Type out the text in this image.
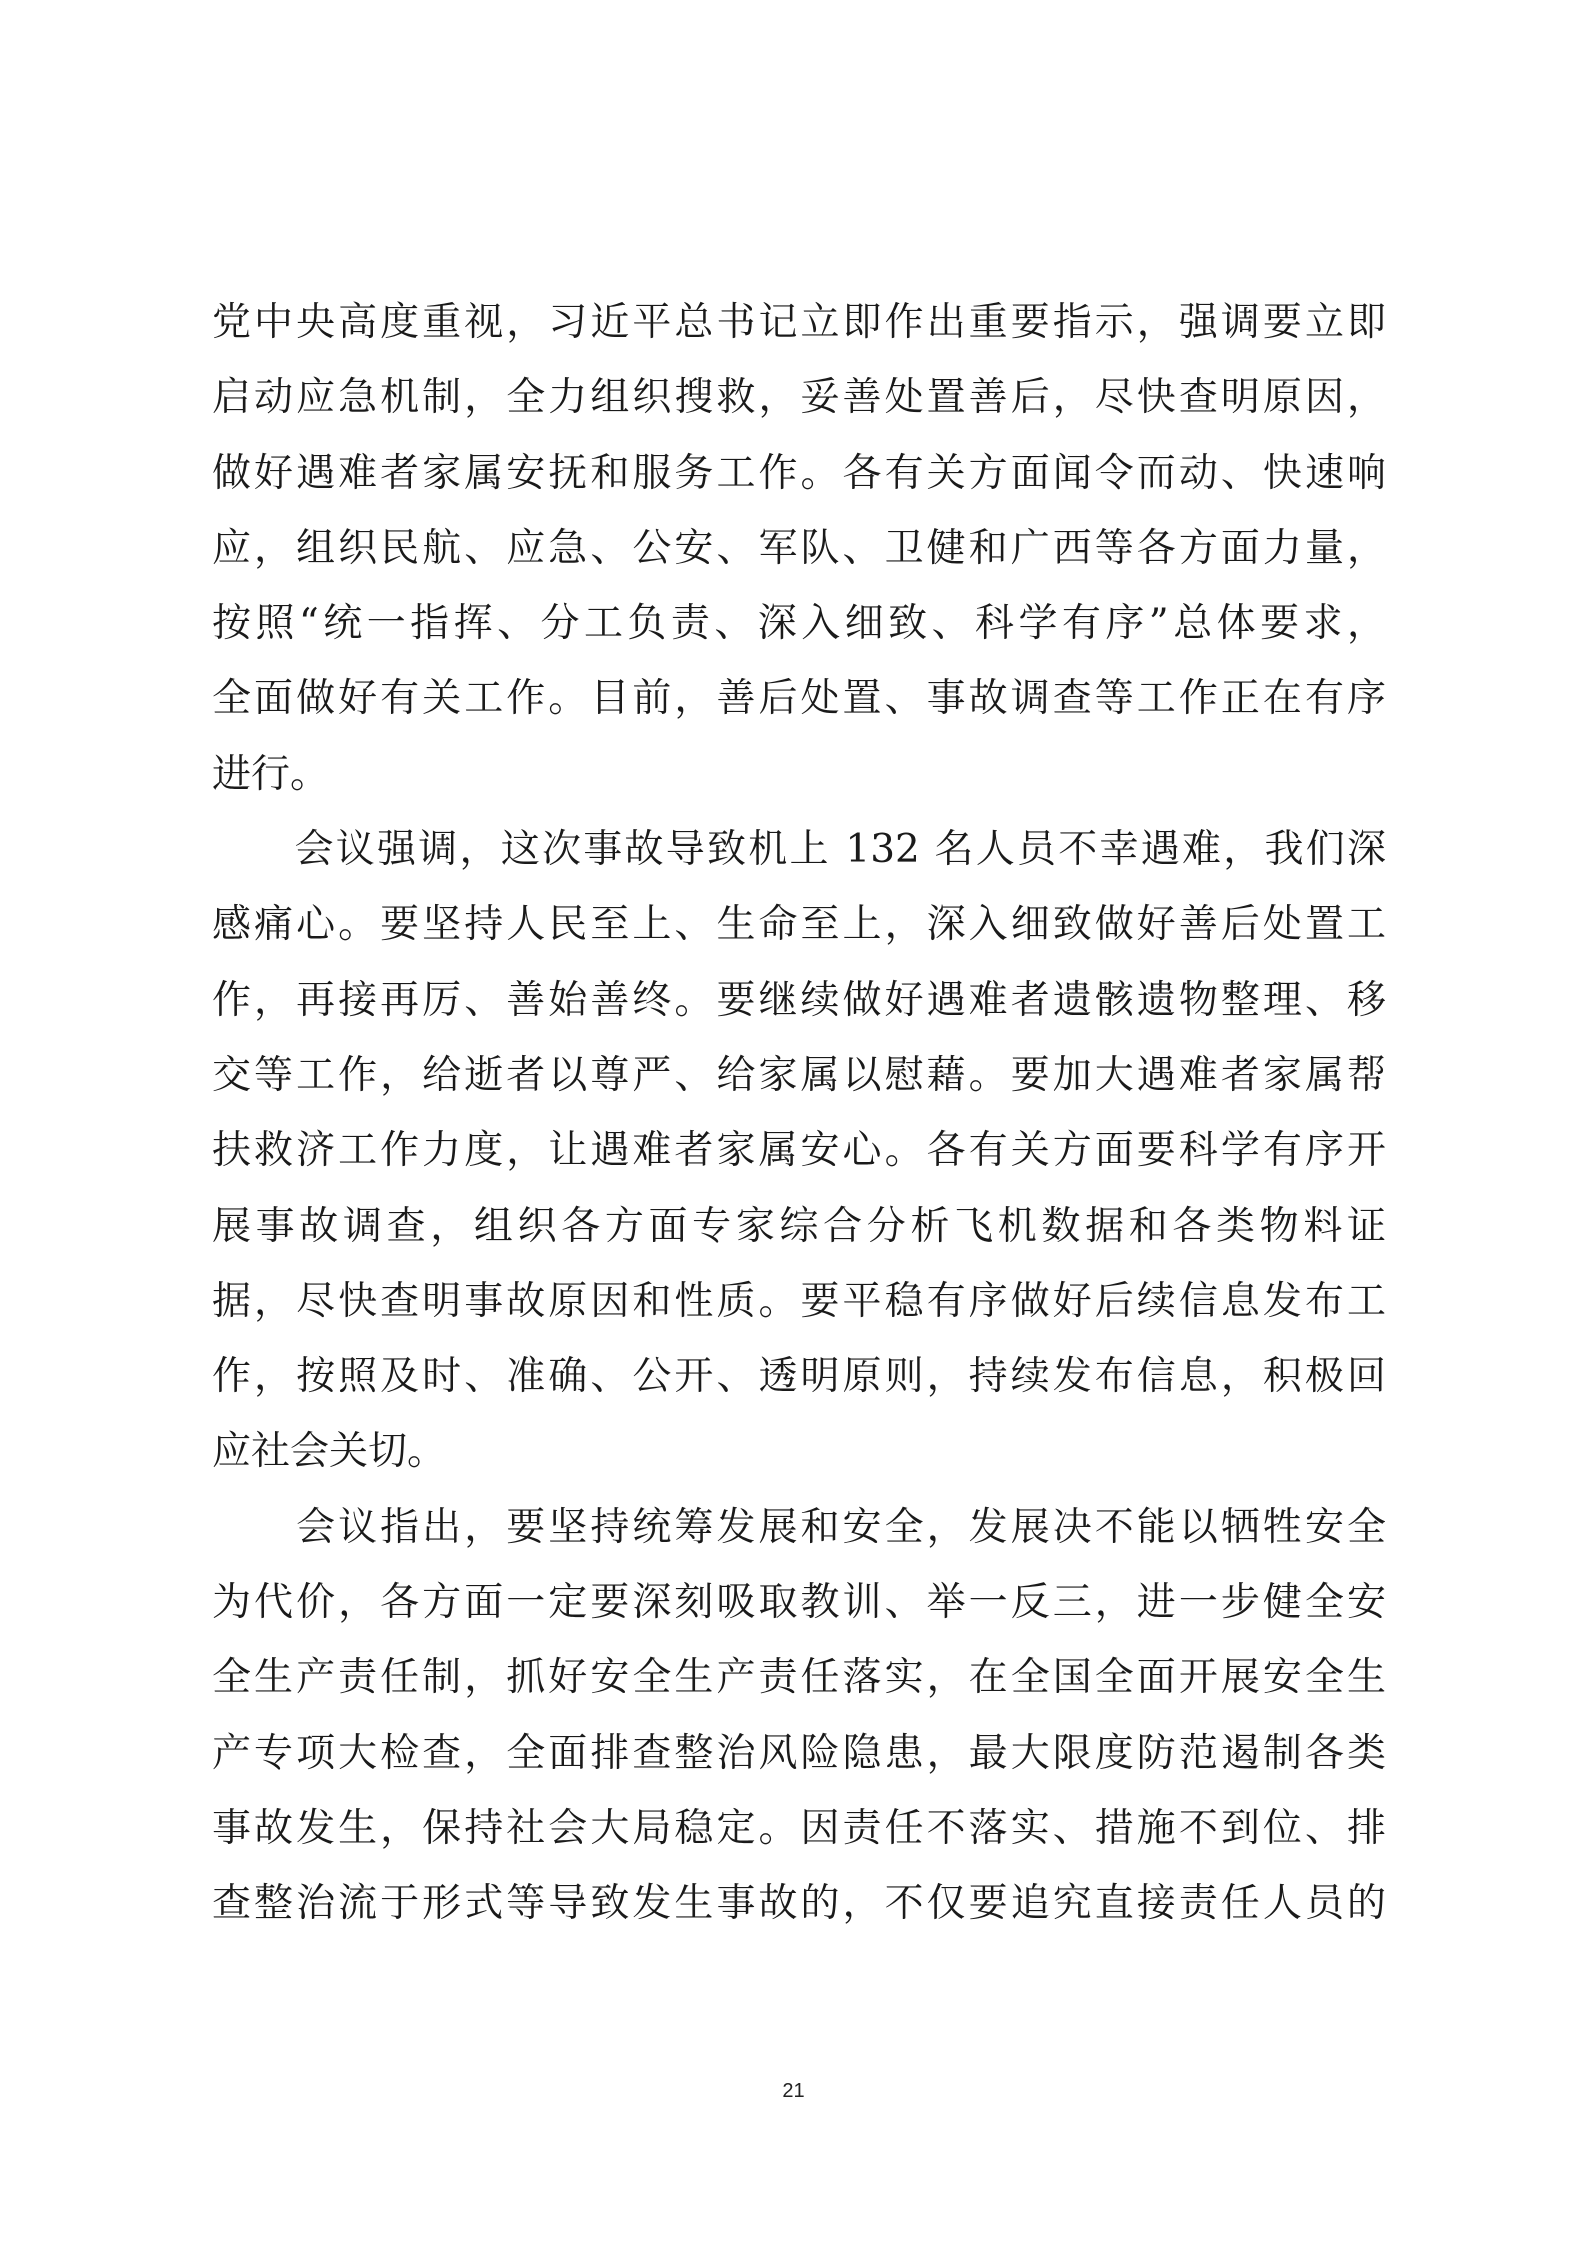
党中央高度重视，习近平总书记立即作出重要指示，强调要立即
启动应急机制，全力组织搜救，妥善处置善后，尽快查明原因，
做好遇难者家属安抚和服务工作。各有关方面闻令而动、快速响
应，组织民航、应急、公安、军队、卫健和广西等各方面力量，
按照“统一指挥、分工负责、深入细致、科学有序”总体要求，
全面做好有关工作。目前，善后处置、事故调查等工作正在有序
进行。
　　会议强调，这次事故导致机上 132 名人员不幸遇难，我们深
感痛心。要坚持人民至上、生命至上，深入细致做好善后处置工
作，再接再厉、善始善终。要继续做好遇难者遗骸遗物整理、移
交等工作，给逝者以尊严、给家属以慰藉。要加大遇难者家属帮
扶救济工作力度，让遇难者家属安心。各有关方面要科学有序开
展事故调查，组织各方面专家综合分析飞机数据和各类物料证
据，尽快查明事故原因和性质。要平稳有序做好后续信息发布工
作，按照及时、准确、公开、透明原则，持续发布信息，积极回
应社会关切。
　　会议指出，要坚持统筹发展和安全，发展决不能以牺牲安全
为代价，各方面一定要深刻吸取教训、举一反三，进一步健全安
全生产责任制，抓好安全生产责任落实，在全国全面开展安全生
产专项大检查，全面排查整治风险隐患，最大限度防范遏制各类
事故发生，保持社会大局稳定。因责任不落实、措施不到位、排
查整治流于形式等导致发生事故的，不仅要追究直接责任人员的
21
